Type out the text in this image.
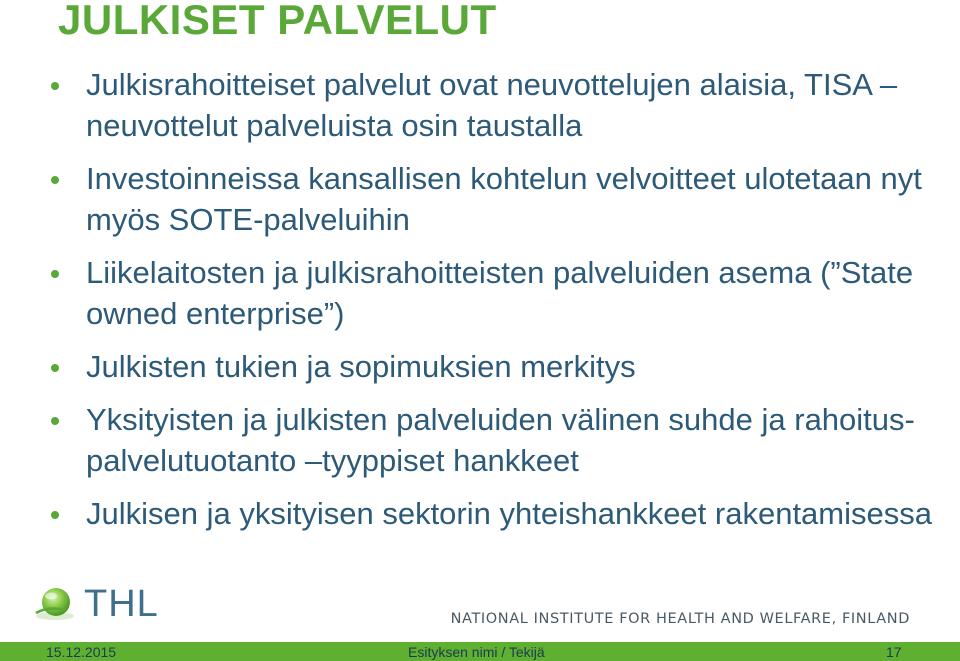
JULKISET PALVELUT
Julkisrahoitteiset palvelut ovat neuvottelujen alaisia, TISA –neuvottelut palveluista osin taustalla
Investoinneissa kansallisen kohtelun velvoitteet ulotetaan nyt myös SOTE-palveluihin
Liikelaitosten ja julkisrahoitteisten palveluiden asema (”State owned enterprise”)
Julkisten tukien ja sopimuksien merkitys
Yksityisten ja julkisten palveluiden välinen suhde ja rahoitus-palvelutuotanto –tyyppiset hankkeet
Julkisen ja yksityisen sektorin yhteishankkeet rakentamisessa
THL	NATIONAL INSTITUTE FOR HEALTH AND WELFARE, FINLAND
15.12.2015	Esityksen nimi / Tekijä	17
